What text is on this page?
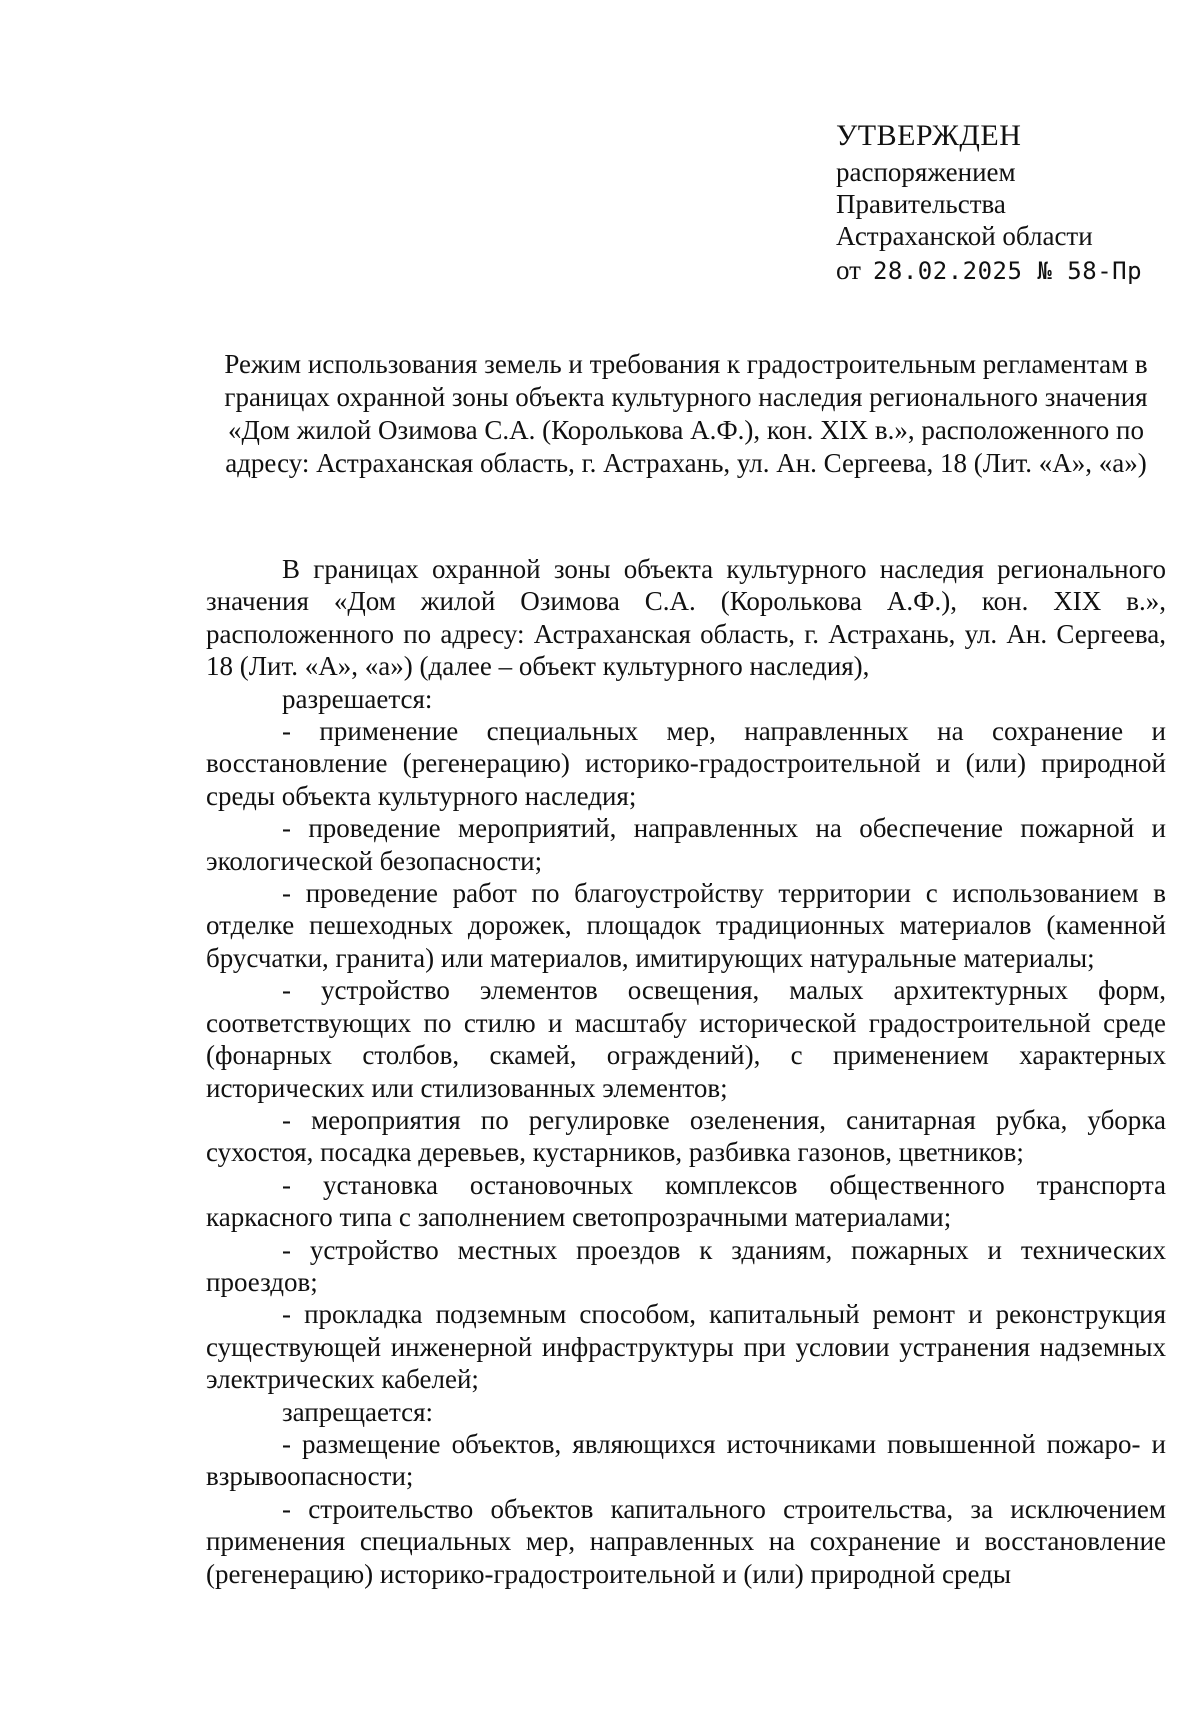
УТВЕРЖДЕН
распоряжением
Правительства
Астраханской области
от 28.02.2025 № 58-Пр
Режим использования земель и требования к градостроительным регламентам в границах охранной зоны объекта культурного наследия регионального значения «Дом жилой Озимова С.А. (Королькова А.Ф.), кон. XIX в.», расположенного по адресу: Астраханская область, г. Астрахань, ул. Ан. Сергеева, 18 (Лит. «А», «а»)

В границах охранной зоны объекта культурного наследия регионального значения «Дом жилой Озимова С.А. (Королькова А.Ф.), кон. XIX в.», расположенного по адресу: Астраханская область, г. Астрахань, ул. Ан. Сергеева, 18 (Лит. «А», «а») (далее – объект культурного наследия),

разрешается:

- применение специальных мер, направленных на сохранение и восстановление (регенерацию) историко-градостроительной и (или) природной среды объекта культурного наследия;

- проведение мероприятий, направленных на обеспечение пожарной и экологической безопасности;

- проведение работ по благоустройству территории с использованием в отделке пешеходных дорожек, площадок традиционных материалов (каменной брусчатки, гранита) или материалов, имитирующих натуральные материалы;

- устройство элементов освещения, малых архитектурных форм, соответствующих по стилю и масштабу исторической градостроительной среде (фонарных столбов, скамей, ограждений), с применением характерных исторических или стилизованных элементов;

- мероприятия по регулировке озеленения, санитарная рубка, уборка сухостоя, посадка деревьев, кустарников, разбивка газонов, цветников;

- установка остановочных комплексов общественного транспорта каркасного типа с заполнением светопрозрачными материалами;

- устройство местных проездов к зданиям, пожарных и технических проездов;

- прокладка подземным способом, капитальный ремонт и реконструкция существующей инженерной инфраструктуры при условии устранения надземных электрических кабелей;

запрещается:

- размещение объектов, являющихся источниками повышенной пожаро- и взрывоопасности;

- строительство объектов капитального строительства, за исключением применения специальных мер, направленных на сохранение и восстановление (регенерацию) историко-градостроительной и (или) природной среды
